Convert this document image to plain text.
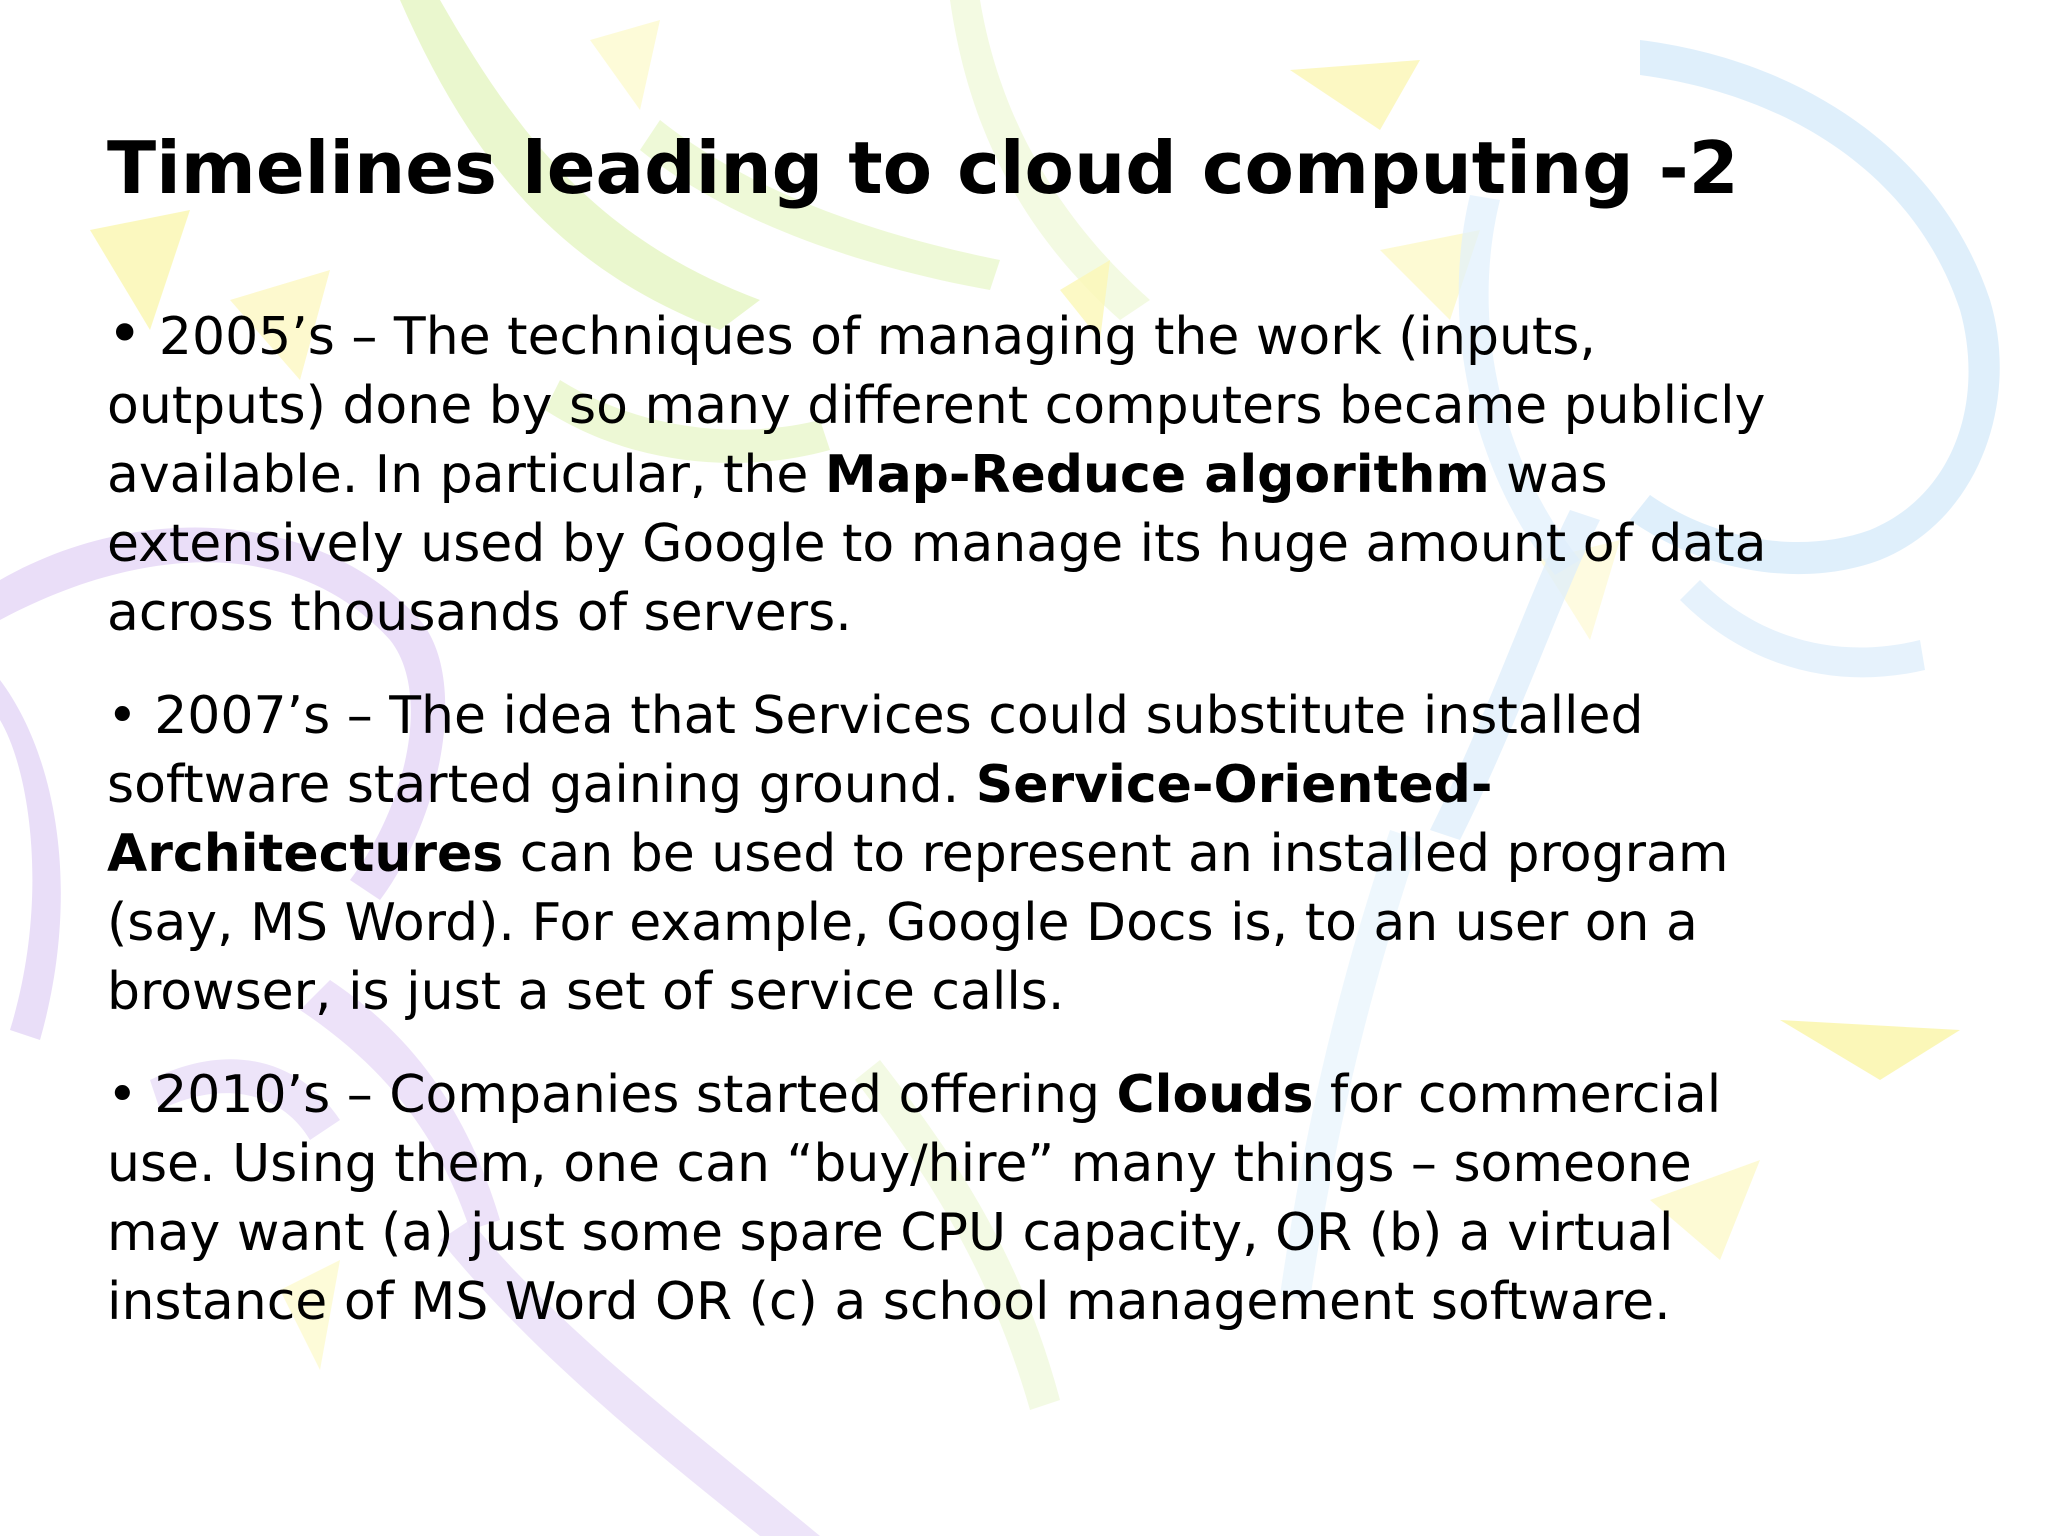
Timelines leading to cloud computing -2
• 2005’s – The techniques of managing the work (inputs,
outputs) done by so many different computers became publicly
available. In particular, the Map-Reduce algorithm was
extensively used by Google to manage its huge amount of data
across thousands of servers.
• 2007’s – The idea that Services could substitute installed
software started gaining ground. Service-Oriented-
Architectures can be used to represent an installed program
(say, MS Word). For example, Google Docs is, to an user on a
browser, is just a set of service calls.
• 2010’s – Companies started offering Clouds for commercial
use. Using them, one can “buy/hire” many things – someone
may want (a) just some spare CPU capacity, OR (b) a virtual
instance of MS Word OR (c) a school management software.
